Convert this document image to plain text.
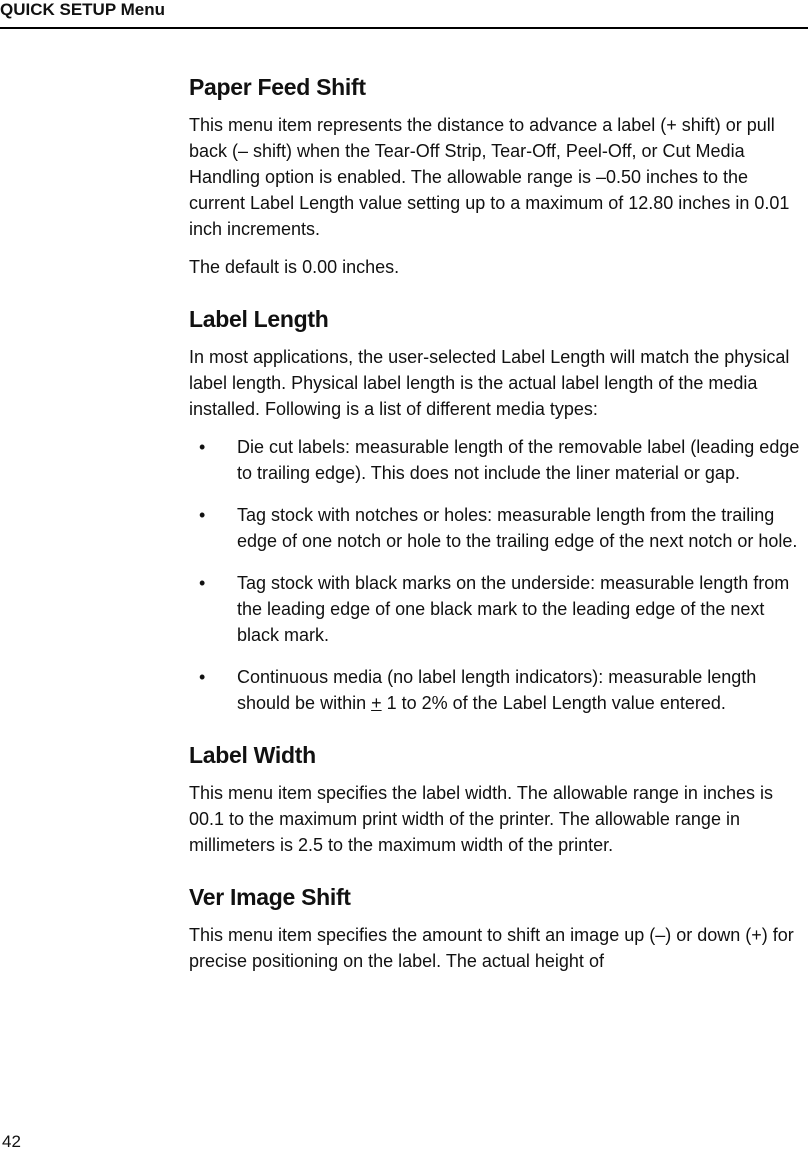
QUICK SETUP Menu
Paper Feed Shift

This menu item represents the distance to advance a label (+ shift) or pull back (– shift) when the Tear-Off Strip, Tear-Off, Peel-Off, or Cut Media Handling option is enabled. The allowable range is –0.50 inches to the current Label Length value setting up to a maximum of 12.80 inches in 0.01 inch increments.

The default is 0.00 inches.

Label Length

In most applications, the user-selected Label Length will match the physical label length. Physical label length is the actual label length of the media installed. Following is a list of different media types:

• Die cut labels: measurable length of the removable label (leading edge to trailing edge). This does not include the liner material or gap.
• Tag stock with notches or holes: measurable length from the trailing edge of one notch or hole to the trailing edge of the next notch or hole.
• Tag stock with black marks on the underside: measurable length from the leading edge of one black mark to the leading edge of the next black mark.
• Continuous media (no label length indicators): measurable length should be within + 1 to 2% of the Label Length value entered.
Label Width

This menu item specifies the label width. The allowable range in inches is 00.1 to the maximum print width of the printer. The allowable range in millimeters is 2.5 to the maximum width of the printer.

Ver Image Shift

This menu item specifies the amount to shift an image up (–) or down (+) for precise positioning on the label. The actual height of

42
